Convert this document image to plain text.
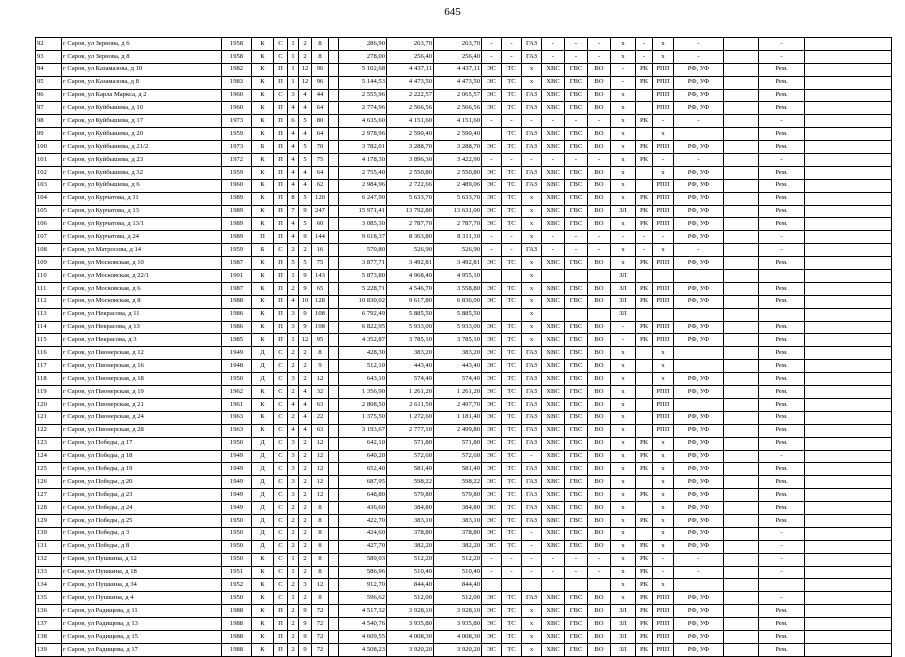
645
92	г Саров, ул Зернова, д 6	1958	К	С	1	2	8		286,90	263,70	263,70	-	-	ГАЗ	-	-	-	х	-	х	-		-	
93	г Саров, ул Зернова, д 8	1958	К	С	1	2	8		278,00	256,40	256,40	-	-	ГАЗ	-	-	-	х	-	х	-		-	
94	г Саров, ул Казамазова, д 10	1982	К	П	1	12	96		5 102,68	4 437,11	4 437,11	ЭС	ТС	х	ХВС	ГВС	ВО	-	РК	РПП	РФ, УФ		Рем.	
95	г Саров, ул Казамазова, д 8	1983	К	П	1	12	96		5 144,53	4 473,50	4 473,50	ЭС	ТС	х	ХВС	ГВС	ВО	-	РК	РПП	РФ, УФ		Рем.	
96	г Саров, ул Карла Маркса, д 2	1960	К	С	3	4	44		2 555,96	2 222,57	2 065,57	ЭС	ТС	ГАЗ	ХВС	ГВС	ВО	х		РПП	РФ, УФ		Рем.	
97	г Саров, ул Куйбышева, д 10	1960	К	П	4	4	64		2 774,96	2 566,56	2 566,56	ЭС	ТС	ГАЗ	ХВС	ГВС	ВО	х		РПП	РФ, УФ		Рем.	
98	г Саров, ул Куйбышева, д 17	1973	К	П	6	5	80		4 635,60	4 151,60	4 151,60	-	-	-	-	-	-	х	РК	-	-		-	
99	г Саров, ул Куйбышева, д 20	1959	К	П	4	4	64		2 978,96	2 590,40	2 590,40		ТС	ГАЗ	ХВС	ГВС	ВО	х		х			Рем.	
100	г Саров, ул Куйбышева, д 21/2	1973	Б	П	4	5	70		3 782,01	3 288,70	3 288,70	ЭС	ТС	ГАЗ	ХВС	ГВС	ВО	х	РК	РПП	РФ, УФ		Рем.	
101	г Саров, ул Куйбышева, д 23	1972	К	П	4	5	75		4 178,30	3 896,30	3 422,90	-	-	-	-	-	-	х	РК	-	-		-	
102	г Саров, ул Куйбышева, д 32	1959	К	П	4	4	64		2 755,40	2 550,80	2 550,80	ЭС	ТС	ГАЗ	ХВС	ГВС	ВО	х		х	РФ, УФ		Рем.	
103	г Саров, ул Куйбышева, д 6	1960	К	П	4	4	62		2 984,96	2 722,66	2 489,06	ЭС	ТС	ГАЗ	ХВС	ГВС	ВО	х		РПП	РФ, УФ		Рем.	
104	г Саров, ул Курчатова, д 11	1989	К	П	8	5	120		6 247,90	5 633,70	5 633,70	ЭС	ТС	х	ХВС	ГВС	ВО	х	РК	РПП	РФ, УФ		Рем.	
105	г Саров, ул Курчатова, д 13	1989	К	П	7	9	247		15 971,41	13 792,80	13 631,00	ЭС	ТС	х	ХВС	ГВС	ВО	ЗЛ	РК	РПП	РФ, УФ		Рем.	
106	г Саров, ул Курчатова, д 13/1	1989	К	П	4	5	60		3 085,30	2 787,70	2 787,70	ЭС	ТС	х	ХВС	ГВС	ВО	х	РК	РПП	РФ, УФ		Рем.	
107	г Саров, ул Курчатова, д 24	1989	П	П	4	9	144		9 618,37	8 363,80	8 311,10	-	-	х	-	-	-	-	-	-	РФ, УФ		-	
108	г Саров, ул Матросова, д 14	1959	Б	С	2	2	16		570,80	526,90	526,90	-	-	ГАЗ	-	-	-	х	-	х	-		-	
109	г Саров, ул Московская, д 10	1987	К	П	5	5	75		3 877,71	3 492,81	3 492,81	ЭС	ТС	х	ХВС	ГВС	ВО	х	РК	РПП	РФ, УФ		Рем.	
110	г Саров, ул Московская, д 22/1	1991	К	П	1	9	143		5 873,80	4 968,40	4 955,10			х				ЗЛ						
111	г Саров, ул Московская, д 6	1987	К	П	2	9	65		5 228,71	4 546,70	3 558,80	ЭС	ТС	х	ХВС	ГВС	ВО	ЗЛ	РК	РПП	РФ, УФ		Рем.	
112	г Саров, ул Московская, д 8	1988	К	П	4	10	128		10 830,02	9 617,80	6 836,00	ЭС	ТС	х	ХВС	ГВС	ВО	ЗЛ	РК	РПП	РФ, УФ		Рем.	
113	г Саров, ул Некрасова, д 11	1986	К	П	3	9	108		6 792,49	5 885,50	5 885,50			х				ЗЛ						
114	г Саров, ул Некрасова, д 13	1986	К	П	3	9	108		6 822,95	5 933,00	5 933,00	ЭС	ТС	х	ХВС	ГВС	ВО	-	РК	РПП	РФ, УФ		Рем.	
115	г Саров, ул Некрасова, д 3	1985	К	П	1	12	95		4 352,87	3 785,10	3 785,10	ЭС	ТС	х	ХВС	ГВС	ВО	-	РК	РПП	РФ, УФ		Рем.	
116	г Саров, ул Пионерская, д 12	1949	Д	С	2	2	8		428,30	383,20	383,20	ЭС	ТС	ГАЗ	ХВС	ГВС	ВО	х		х			Рем.	
117	г Саров, ул Пионерская, д 16	1948	Д	С	2	2	9		512,10	443,40	443,40	ЭС	ТС	ГАЗ	ХВС	ГВС	ВО	х		х			Рем.	
118	г Саров, ул Пионерская, д 18	1950	Д	С	3	2	12		643,10	574,40	574,40	ЭС	ТС	ГАЗ	ХВС	ГВС	ВО	х		х	РФ, УФ		Рем.	
119	г Саров, ул Пионерская, д 19	1962	К	С	2	4	32		1 356,90	1 261,20	1 261,20	ЭС	ТС	ГАЗ	ХВС	ГВС	ВО	х		РПП	РФ, УФ		Рем.	
120	г Саров, ул Пионерская, д 21	1961	К	С	4	4	63		2 808,50	2 611,50	2 497,70	ЭС	ТС	ГАЗ	ХВС	ГВС	ВО	х		РПП			Рем.	
121	г Саров, ул Пионерская, д 24	1963	К	С	2	4	22		1 375,50	1 272,60	1 181,40	ЭС	ТС	ГАЗ	ХВС	ГВС	ВО	х		РПП	РФ, УФ		Рем.	
122	г Саров, ул Пионерская, д 28	1963	К	С	4	4	63		3 193,67	2 777,10	2 499,80	ЭС	ТС	ГАЗ	ХВС	ГВС	ВО	х		РПП	РФ, УФ		Рем.	
123	г Саров, ул Победы, д 17	1950	Д	С	3	2	12		642,10	571,80	571,80	ЭС	ТС	ГАЗ	ХВС	ГВС	ВО	х	РК	х	РФ, УФ		Рем.	
124	г Саров, ул Победы, д 18	1949	Д	С	3	2	12		640,20	572,60	572,60	ЭС	ТС	-	ХВС	ГВС	ВО	х	РК	х	РФ, УФ		-	
125	г Саров, ул Победы, д 19	1949	Д	С	3	2	12		652,40	581,40	581,40	ЭС	ТС	ГАЗ	ХВС	ГВС	ВО	х	РК	х	РФ, УФ		Рем.	
126	г Саров, ул Победы, д 20	1949	Д	С	3	2	12		687,95	598,22	598,22	ЭС	ТС	ГАЗ	ХВС	ГВС	ВО	х		х	РФ, УФ		Рем.	
127	г Саров, ул Победы, д 23	1949	Д	С	3	2	12		648,80	579,80	579,80	ЭС	ТС	ГАЗ	ХВС	ГВС	ВО	х	РК	х	РФ, УФ		Рем.	
128	г Саров, ул Победы, д 24	1949	Д	С	2	2	8		436,60	384,80	384,80	ЭС	ТС	ГАЗ	ХВС	ГВС	ВО	х		х	РФ, УФ		Рем.	
129	г Саров, ул Победы, д 25	1950	Д	С	2	2	8		422,70	383,10	383,10	ЭС	ТС	ГАЗ	ХВС	ГВС	ВО	х	РК	х	РФ, УФ		Рем.	
130	г Саров, ул Победы, д 3	1950	Д	С	2	2	8		424,60	378,80	378,80	ЭС	ТС	-	ХВС	ГВС	ВО	х		х	РФ, УФ		-	
131	г Саров, ул Победы, д 8	1950	Д	С	2	2	8		427,70	382,20	382,20	ЭС	ТС	-	ХВС	ГВС	ВО	х	РК	х	РФ, УФ		-	
132	г Саров, ул Пушкина, д 12	1950	К	С	1	2	8		589,03	512,20	512,20	-	-	-	-	-	-	х	РК	-	-		-	
133	г Саров, ул Пушкина, д 18	1951	К	С	1	2	8		586,96	510,40	510,40	-	-	-	-	-	-	х	РК	-	-		-	
134	г Саров, ул Пушкина, д 34	1952	К	С	2	3	12		912,70	844,40	844,40							х	РК	х				
135	г Саров, ул Пушкина, д 4	1950	К	С	1	2	8		596,62	512,00	512,00	ЭС	ТС	ГАЗ	ХВС	ГВС	ВО	х	РК	РПП	РФ, УФ		-	
136	г Саров, ул Радищева, д 11	1988	К	П	2	9	72		4 517,32	3 928,10	3 928,10	ЭС	ТС	х	ХВС	ГВС	ВО	ЗЛ	РК	РПП	РФ, УФ		Рем.	
137	г Саров, ул Радищева, д 13	1988	К	П	2	9	72		4 540,76	3 935,80	3 935,80	ЭС	ТС	х	ХВС	ГВС	ВО	ЗЛ	РК	РПП	РФ, УФ		Рем.	
138	г Саров, ул Радищева, д 15	1988	К	П	2	9	72		4 609,55	4 008,30	4 008,30	ЭС	ТС	х	ХВС	ГВС	ВО	ЗЛ	РК	РПП	РФ, УФ		Рем.	
139	г Саров, ул Радищева, д 17	1988	К	П	2	9	72		4 508,23	3 920,20	3 920,20	ЭС	ТС	х	ХВС	ГВС	ВО	ЗЛ	РК	РПП	РФ, УФ		Рем.	
